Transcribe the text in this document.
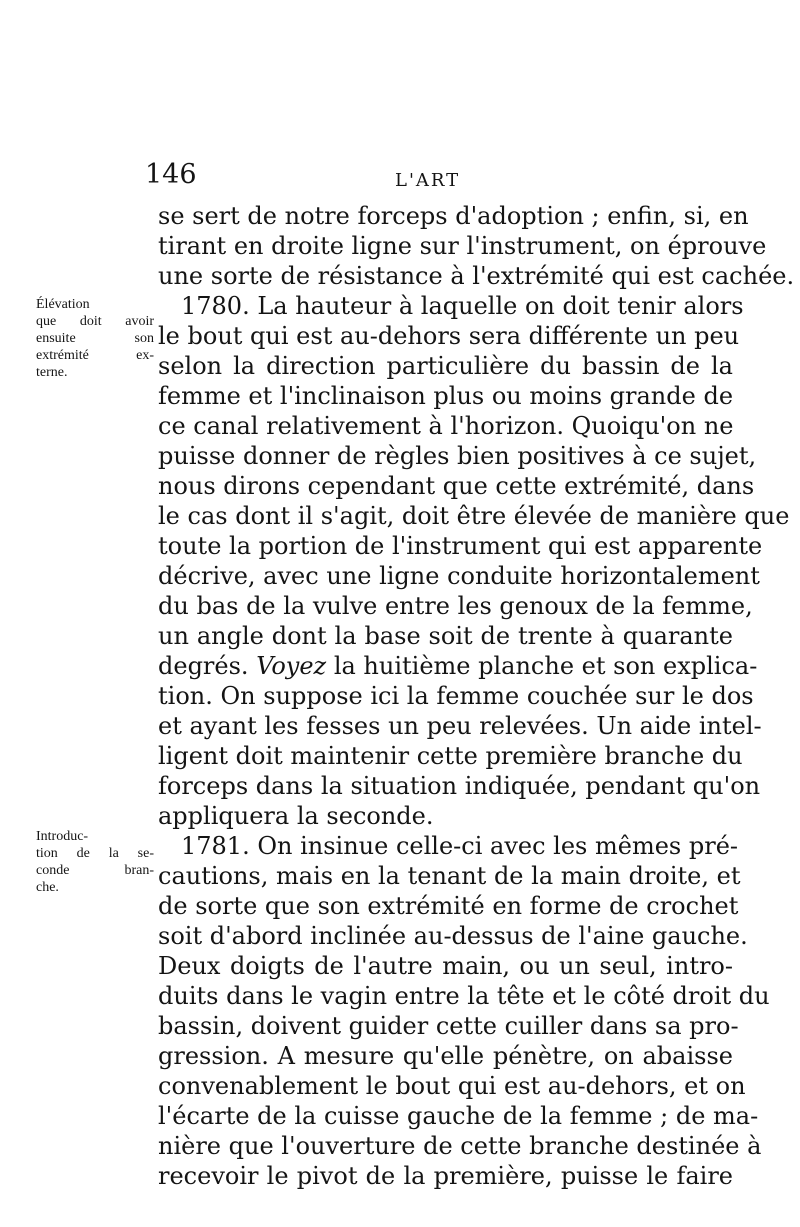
146	L'ART
Élévation
que doit avoir
ensuite son
extrémité ex-
terne.
Introduc-
tion de la se-
conde bran-
che.
se sert de notre forceps d'adoption ; enfin, si, en
tirant en droite ligne sur l'instrument, on éprouve
une sorte de résistance à l'extrémité qui est cachée.
1780. La hauteur à laquelle on doit tenir alors
le bout qui est au-dehors sera différente un peu
selon la direction particulière du bassin de la
femme et l'inclinaison plus ou moins grande de
ce canal relativement à l'horizon. Quoiqu'on ne
puisse donner de règles bien positives à ce sujet,
nous dirons cependant que cette extrémité, dans
le cas dont il s'agit, doit être élevée de manière que
toute la portion de l'instrument qui est apparente
décrive, avec une ligne conduite horizontalement
du bas de la vulve entre les genoux de la femme,
un angle dont la base soit de trente à quarante
degrés. Voyez la huitième planche et son explica-
tion. On suppose ici la femme couchée sur le dos
et ayant les fesses un peu relevées. Un aide intel-
ligent doit maintenir cette première branche du
forceps dans la situation indiquée, pendant qu'on
appliquera la seconde.
1781. On insinue celle-ci avec les mêmes pré-
cautions, mais en la tenant de la main droite, et
de sorte que son extrémité en forme de crochet
soit d'abord inclinée au-dessus de l'aine gauche.
Deux doigts de l'autre main, ou un seul, intro-
duits dans le vagin entre la tête et le côté droit du
bassin, doivent guider cette cuiller dans sa pro-
gression. A mesure qu'elle pénètre, on abaisse
convenablement le bout qui est au-dehors, et on
l'écarte de la cuisse gauche de la femme ; de ma-
nière que l'ouverture de cette branche destinée à
recevoir le pivot de la première, puisse le faire
